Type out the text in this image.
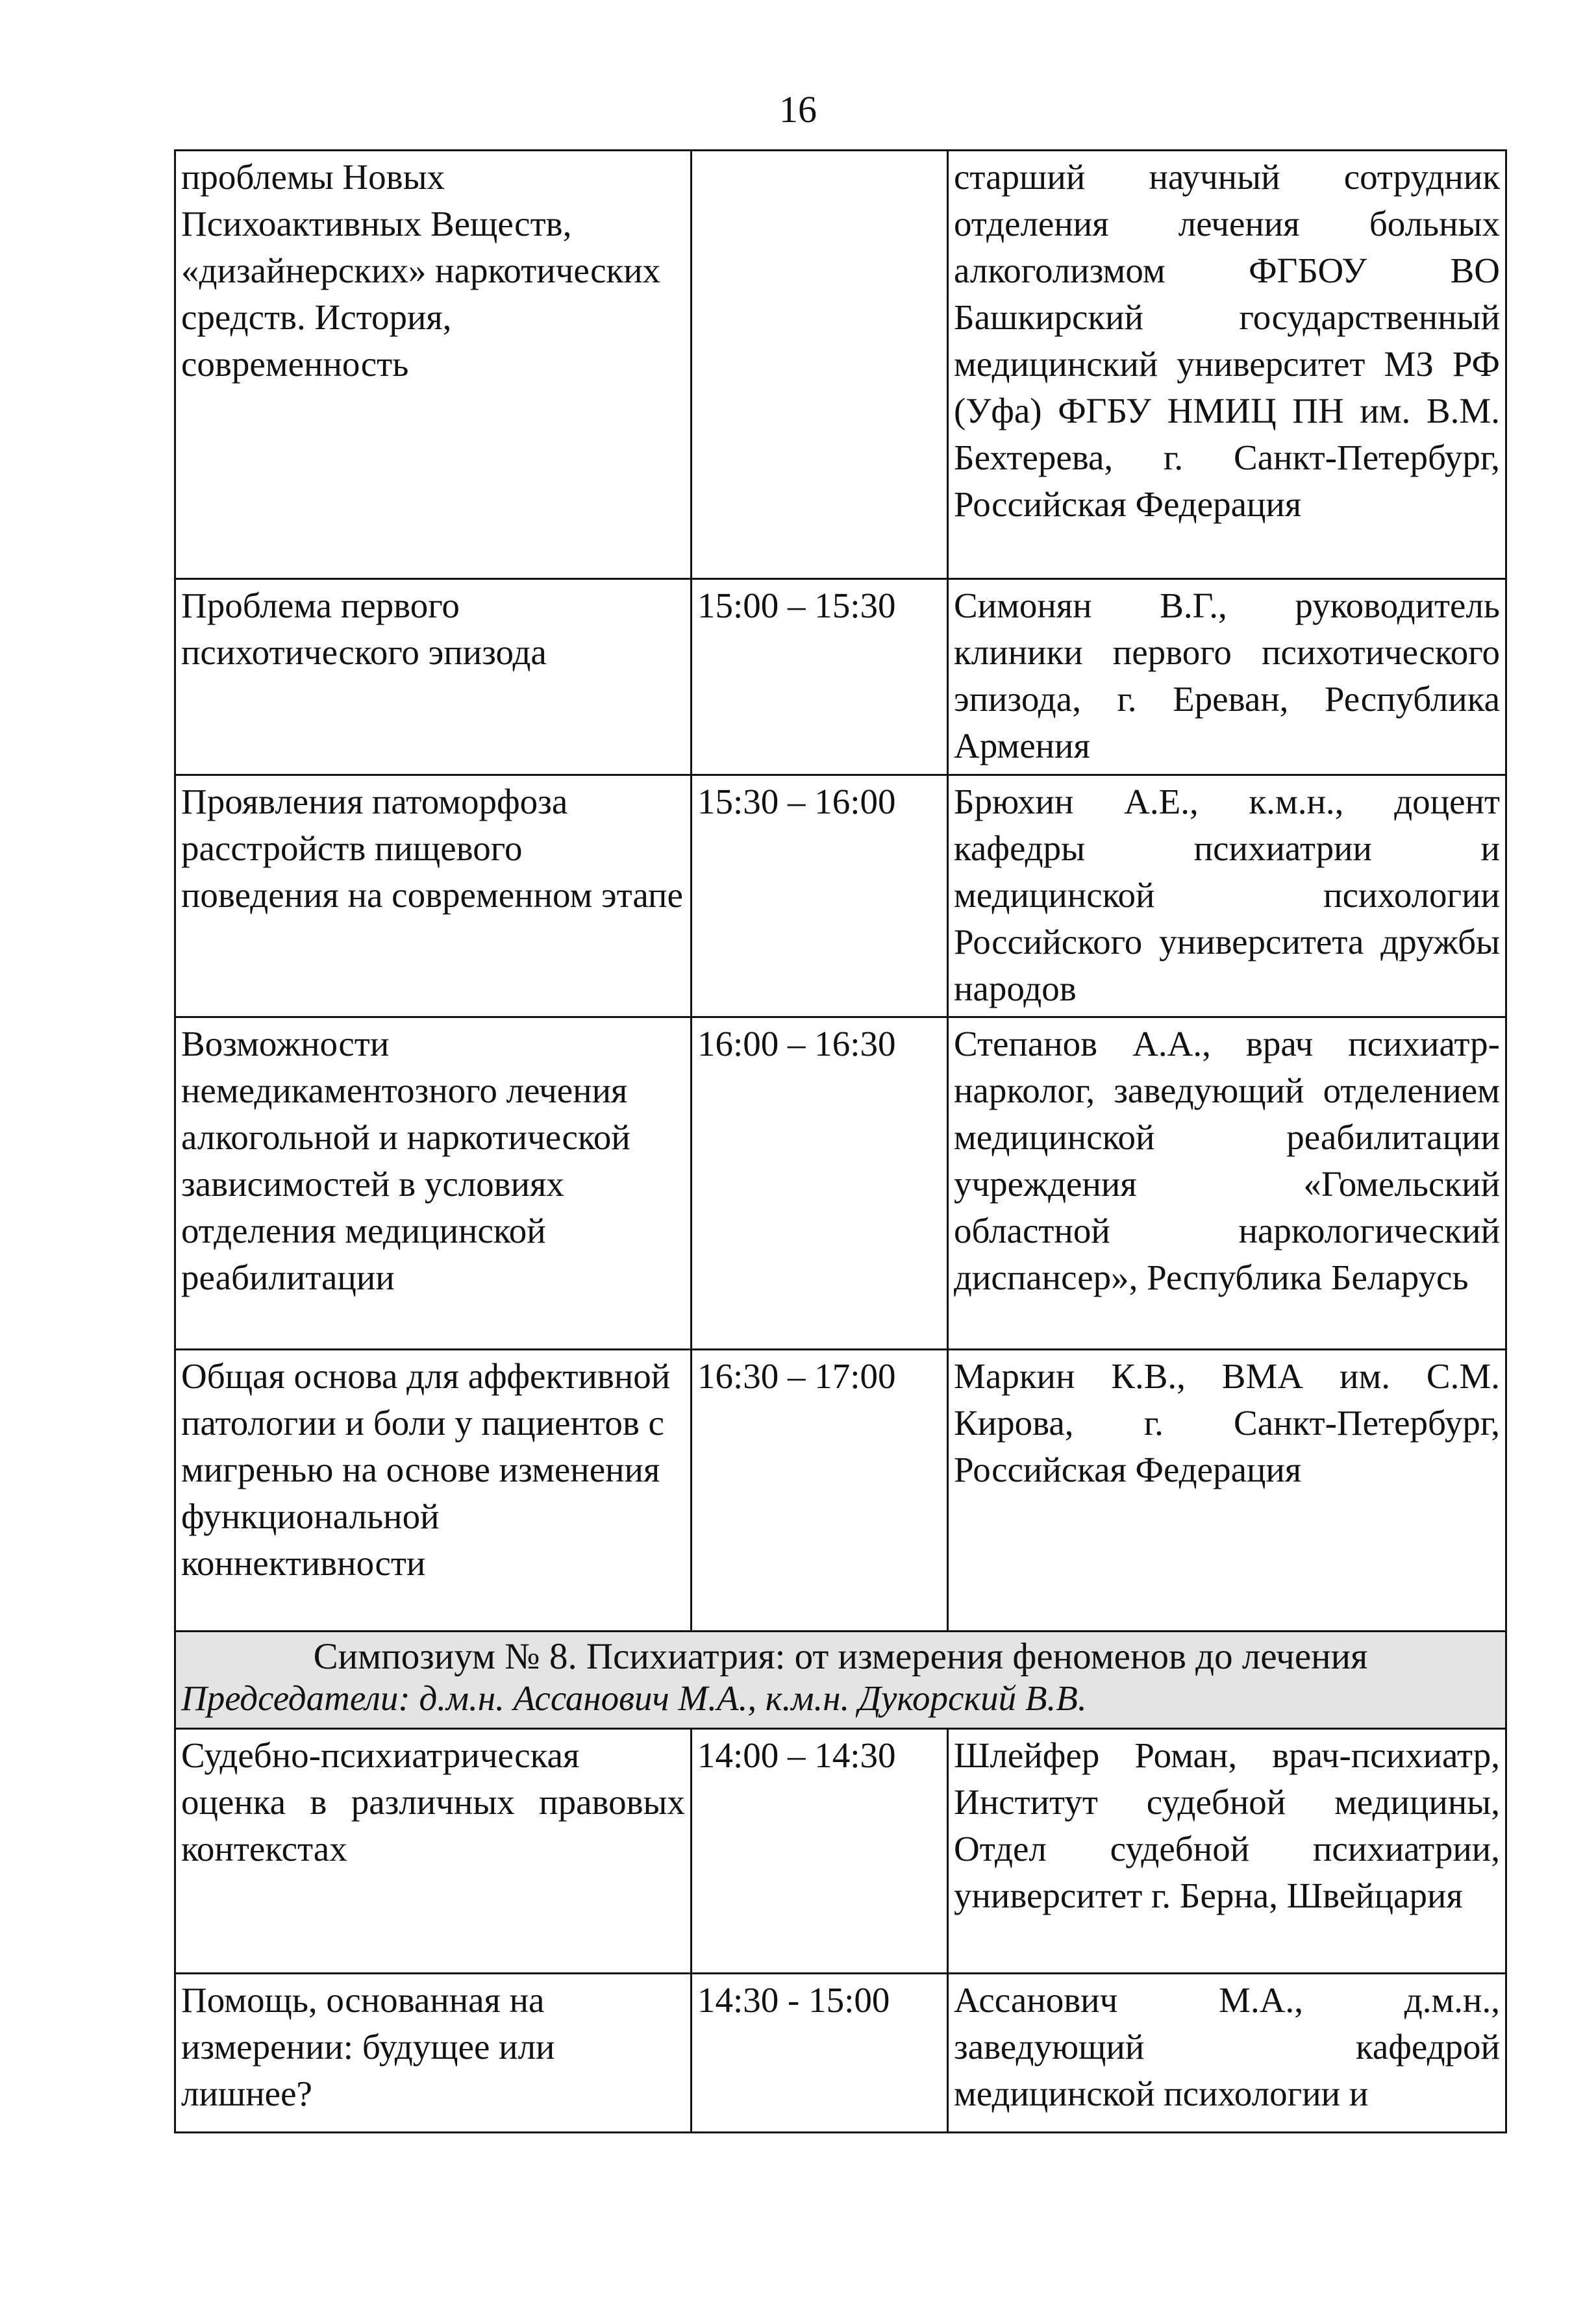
16
проблемы Новых Психоактивных Веществ, «дизайнерских» наркотических средств. История, современность		старший научный сотрудник отделения лечения больных алкоголизмом ФГБОУ ВО Башкирский государственный медицинский университет МЗ РФ (Уфа) ФГБУ НМИЦ ПН им. В.М. Бехтерева, г. Санкт-Петербург, Российская Федерация
Проблема первого психотического эпизода	15:00 – 15:30	Симонян В.Г., руководитель клиники первого психотического эпизода, г. Ереван, Республика Армения
Проявления патоморфоза расстройств пищевого поведения на современном этапе	15:30 – 16:00	Брюхин А.Е., к.м.н., доцент кафедры психиатрии и медицинской психологии Российского университета дружбы народов
Возможности немедикаментозного лечения алкогольной и наркотической зависимостей в условиях отделения медицинской реабилитации	16:00 – 16:30	Степанов А.А., врач психиатр-нарколог, заведующий отделением медицинской реабилитации учреждения «Гомельский областной наркологический диспансер», Республика Беларусь
Общая основа для аффективной патологии и боли у пациентов с мигренью на основе изменения функциональной коннективности	16:30 – 17:00	Маркин К.В., ВМА им. С.М. Кирова, г. Санкт-Петербург, Российская Федерация

Симпозиум № 8. Психиатрия: от измерения феноменов до лечения
Председатели: д.м.н. Ассанович М.А., к.м.н. Дукорский В.В.		

Судебно-психиатрическая оценка в различных правовых контекстах	14:00 – 14:30	Шлейфер Роман, врач-психиатр, Институт судебной медицины, Отдел судебной психиатрии, университет г. Берна, Швейцария
Помощь, основанная на измерении: будущее или лишнее?	14:30 - 15:00	Ассанович М.А., д.м.н., заведующий кафедрой медицинской психологии и
